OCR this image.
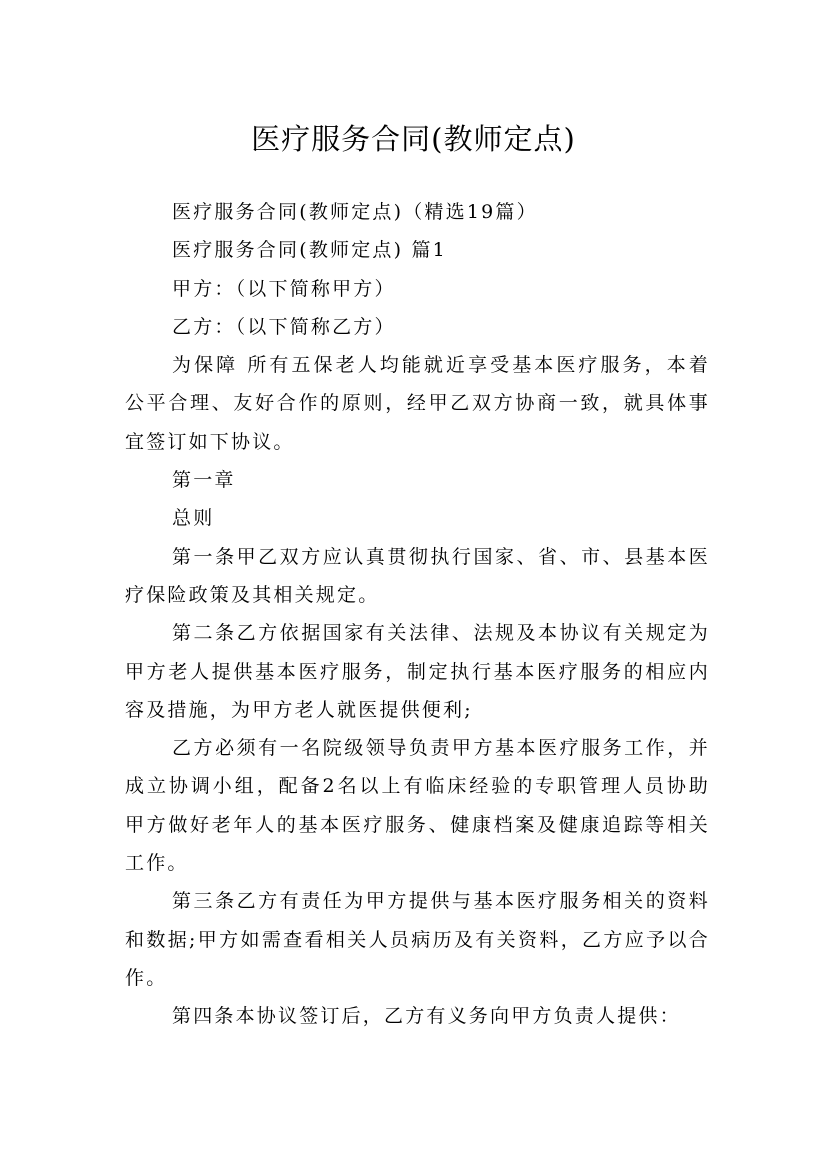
医疗服务合同(教师定点)

医疗服务合同(教师定点)（精选19篇）

医疗服务合同(教师定点) 篇1

甲方：（以下简称甲方）

乙方：（以下简称乙方）

为保障 所有五保老人均能就近享受基本医疗服务，本着公平合理、友好合作的原则，经甲乙双方协商一致，就具体事宜签订如下协议。

第一章

总则

第一条甲乙双方应认真贯彻执行国家、省、市、县基本医疗保险政策及其相关规定。

第二条乙方依据国家有关法律、法规及本协议有关规定为甲方老人提供基本医疗服务，制定执行基本医疗服务的相应内容及措施，为甲方老人就医提供便利;

乙方必须有一名院级领导负责甲方基本医疗服务工作，并成立协调小组，配备2名以上有临床经验的专职管理人员协助甲方做好老年人的基本医疗服务、健康档案及健康追踪等相关工作。

第三条乙方有责任为甲方提供与基本医疗服务相关的资料和数据;甲方如需查看相关人员病历及有关资料，乙方应予以合作。

第四条本协议签订后，乙方有义务向甲方负责人提供：
